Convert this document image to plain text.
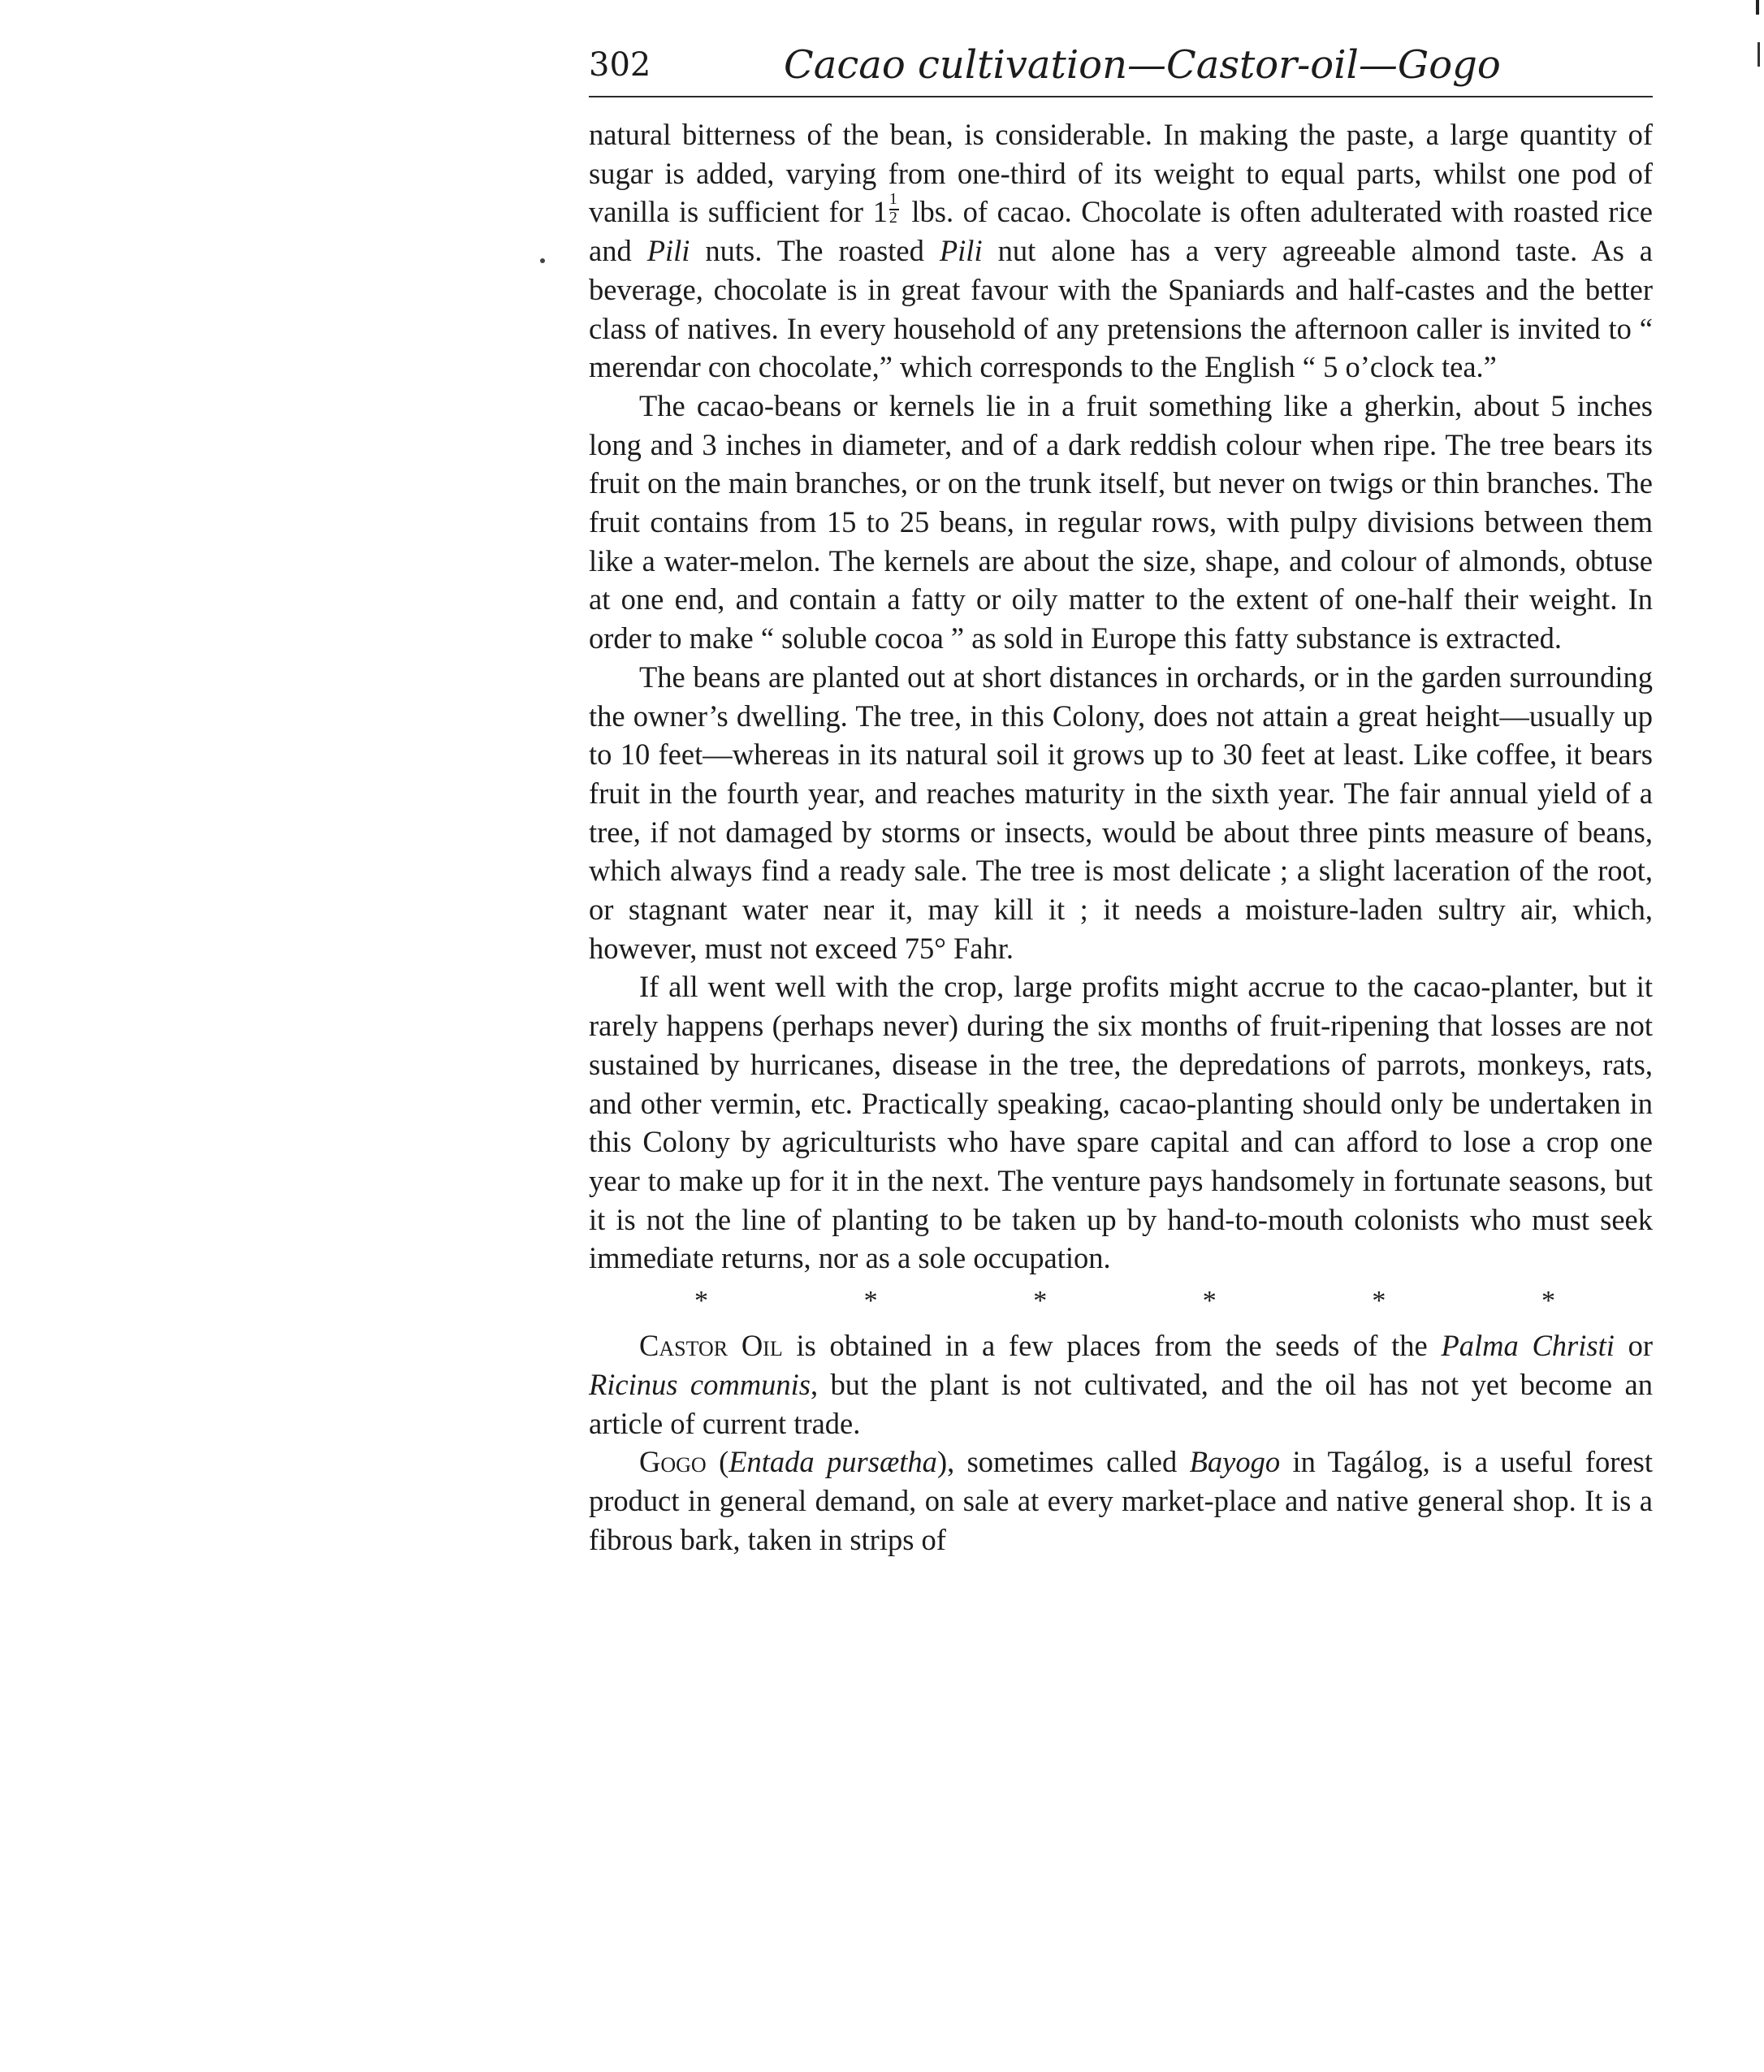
302	Cacao cultivation—Castor-oil—Gogo

natural bitterness of the bean, is considerable. In making the paste, a large quantity of sugar is added, varying from one-third of its weight to equal parts, whilst one pod of vanilla is sufficient for $1 \frac{1}{2}$ lbs. of cacao. Chocolate is often adulterated with roasted rice and Pili nuts. The roasted Pili nut alone has a very agreeable almond taste. As a beverage, chocolate is in great favour with the Spaniards and half-castes and the better class of natives. In every household of any pretensions the afternoon caller is invited to “ merendar con chocolate,” which corresponds to the English “ 5 o’clock tea.”

The cacao-beans or kernels lie in a fruit something like a gherkin, about 5 inches long and 3 inches in diameter, and of a dark reddish colour when ripe. The tree bears its fruit on the main branches, or on the trunk itself, but never on twigs or thin branches. The fruit contains from 15 to 25 beans, in regular rows, with pulpy divisions between them like a water-melon. The kernels are about the size, shape, and colour of almonds, obtuse at one end, and contain a fatty or oily matter to the extent of one-half their weight. In order to make “ soluble cocoa ” as sold in Europe this fatty substance is extracted.

The beans are planted out at short distances in orchards, or in the garden surrounding the owner’s dwelling. The tree, in this Colony, does not attain a great height—usually up to 10 feet—whereas in its natural soil it grows up to 30 feet at least. Like coffee, it bears fruit in the fourth year, and reaches maturity in the sixth year. The fair annual yield of a tree, if not damaged by storms or insects, would be about three pints measure of beans, which always find a ready sale. The tree is most delicate ; a slight laceration of the root, or stagnant water near it, may kill it ; it needs a moisture-laden sultry air, which, however, must not exceed 75° Fahr.

If all went well with the crop, large profits might accrue to the cacao-planter, but it rarely happens (perhaps never) during the six months of fruit-ripening that losses are not sustained by hurricanes, disease in the tree, the depredations of parrots, monkeys, rats, and other vermin, etc. Practically speaking, cacao-planting should only be undertaken in this Colony by agriculturists who have spare capital and can afford to lose a crop one year to make up for it in the next. The venture pays handsomely in fortunate seasons, but it is not the line of planting to be taken up by hand-to-mouth colonists who must seek immediate returns, nor as a sole occupation.

*	*	*	*	*	*

Castor Oil is obtained in a few places from the seeds of the Palma Christi or Ricinus communis, but the plant is not cultivated, and the oil has not yet become an article of current trade.

Gogo (Entada pursætha), sometimes called Bayogo in Tagálog, is a useful forest product in general demand, on sale at every market-place and native general shop. It is a fibrous bark, taken in strips of
